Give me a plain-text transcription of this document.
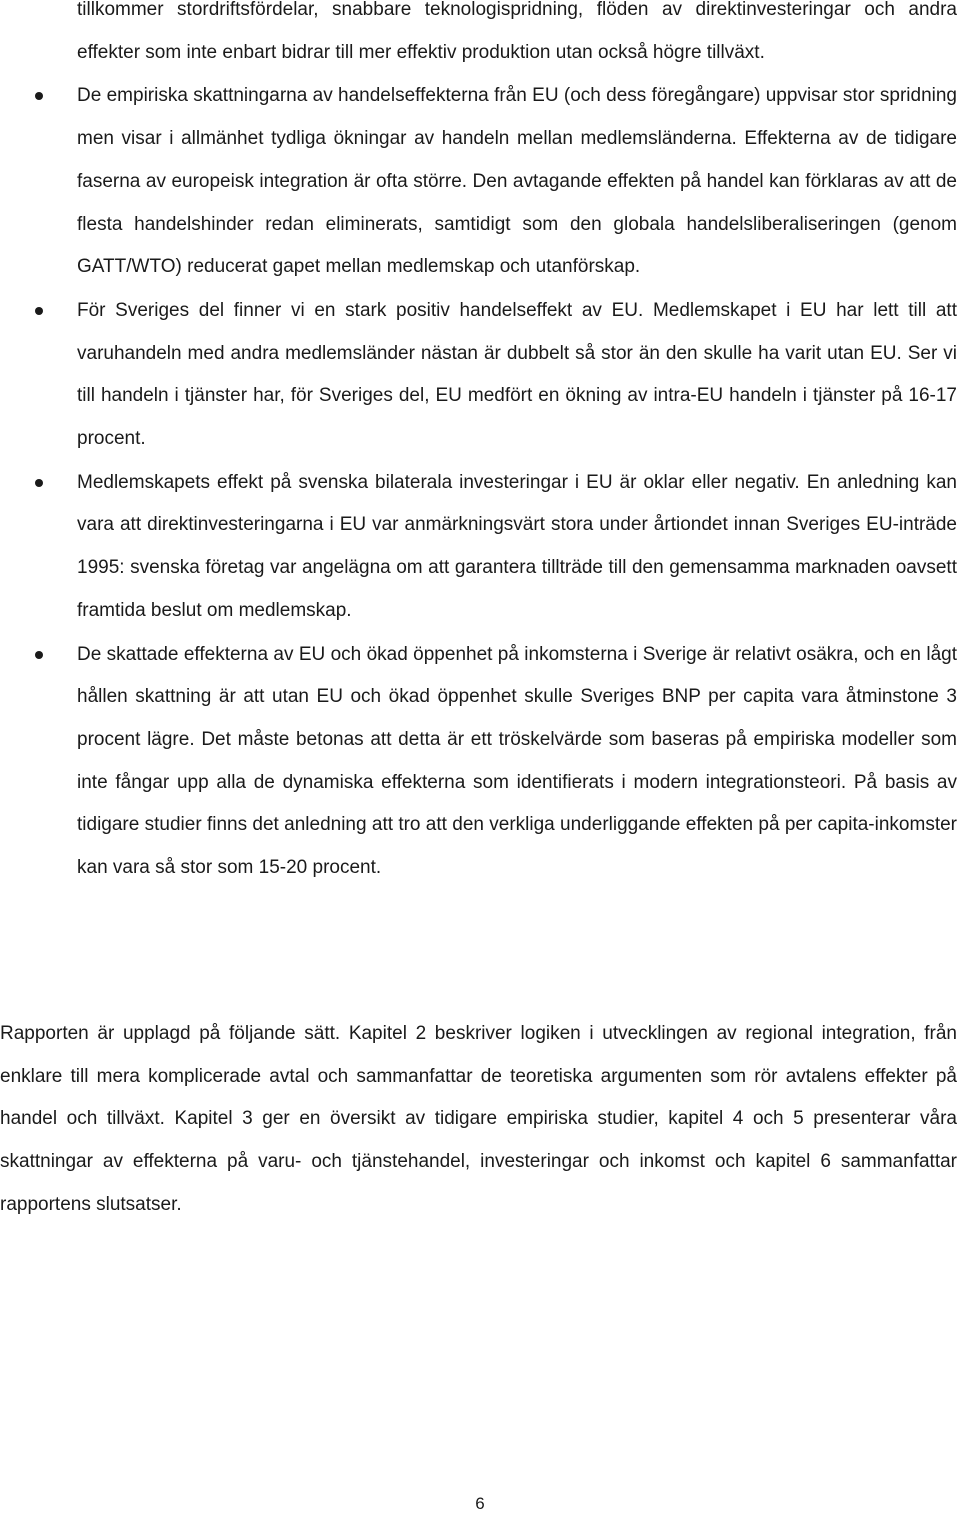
tillkommer stordriftsfördelar, snabbare teknologispridning, flöden av direktinvesteringar och andra effekter som inte enbart bidrar till mer effektiv produktion utan också högre tillväxt.

De empiriska skattningarna av handelseffekterna från EU (och dess föregångare) uppvisar stor spridning men visar i allmänhet tydliga ökningar av handeln mellan medlemsländerna. Effekterna av de tidigare faserna av europeisk integration är ofta större. Den avtagande effekten på handel kan förklaras av att de flesta handelshinder redan eliminerats, samtidigt som den globala handelsliberaliseringen (genom GATT/WTO) reducerat gapet mellan medlemskap och utanförskap.

För Sveriges del finner vi en stark positiv handelseffekt av EU. Medlemskapet i EU har lett till att varuhandeln med andra medlemsländer nästan är dubbelt så stor än den skulle ha varit utan EU. Ser vi till handeln i tjänster har, för Sveriges del, EU medfört en ökning av intra-EU handeln i tjänster på 16-17 procent.

Medlemskapets effekt på svenska bilaterala investeringar i EU är oklar eller negativ. En anledning kan vara att direktinvesteringarna i EU var anmärkningsvärt stora under årtiondet innan Sveriges EU-inträde 1995: svenska företag var angelägna om att garantera tillträde till den gemensamma marknaden oavsett framtida beslut om medlemskap.

De skattade effekterna av EU och ökad öppenhet på inkomsterna i Sverige är relativt osäkra, och en lågt hållen skattning är att utan EU och ökad öppenhet skulle Sveriges BNP per capita vara åtminstone 3 procent lägre. Det måste betonas att detta är ett tröskelvärde som baseras på empiriska modeller som inte fångar upp alla de dynamiska effekterna som identifierats i modern integrationsteori. På basis av tidigare studier finns det anledning att tro att den verkliga underliggande effekten på per capita-inkomster kan vara så stor som 15-20 procent.

Rapporten är upplagd på följande sätt. Kapitel 2 beskriver logiken i utvecklingen av regional integration, från enklare till mera komplicerade avtal och sammanfattar de teoretiska argumenten som rör avtalens effekter på handel och tillväxt. Kapitel 3 ger en översikt av tidigare empiriska studier, kapitel 4 och 5 presenterar våra skattningar av effekterna på varu- och tjänstehandel, investeringar och inkomst och kapitel 6 sammanfattar rapportens slutsatser.

6
